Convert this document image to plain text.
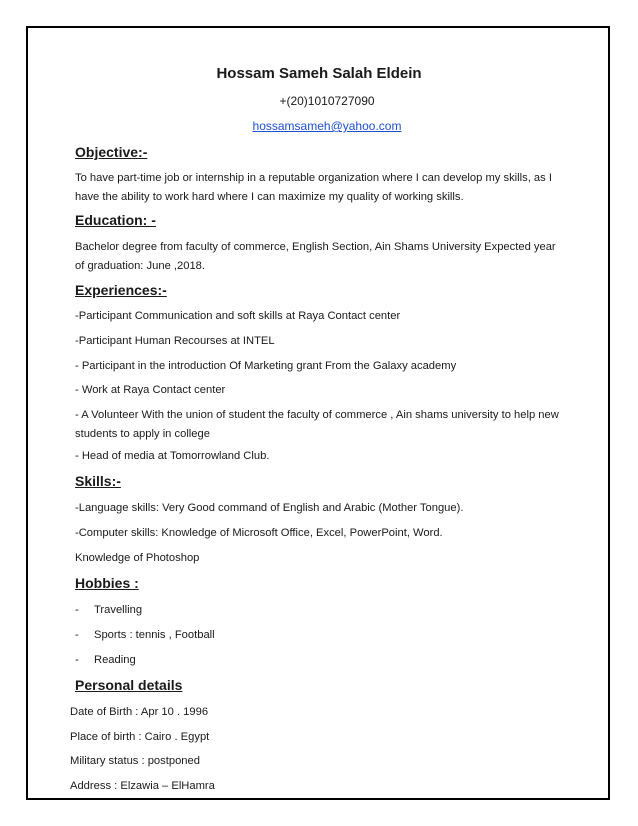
Hossam Sameh Salah Eldein
+(20)1010727090
hossamsameh@yahoo.com
Objective:-
To have part-time job or internship in a reputable organization where I can develop my skills, as I have the ability to work hard where I can maximize my quality of working skills.
Education: -
Bachelor degree from faculty of commerce, English Section, Ain Shams University Expected year of graduation: June ,2018.
Experiences:-
-Participant Communication and soft skills at Raya Contact center
-Participant Human Recourses at INTEL
- Participant in the introduction Of Marketing grant From the Galaxy academy
- Work at Raya Contact center
- A Volunteer With the union of student the faculty of commerce , Ain shams university to help new students to apply in college
- Head of media at Tomorrowland Club.
Skills:-
-Language skills: Very Good command of English and Arabic (Mother Tongue).
-Computer skills: Knowledge of Microsoft Office, Excel, PowerPoint, Word.
Knowledge of Photoshop
Hobbies :
- Travelling
- Sports : tennis , Football
- Reading
Personal details
Date of Birth : Apr 10 . 1996
Place of birth : Cairo . Egypt
Military status : postponed
Address : Elzawia – ElHamra
